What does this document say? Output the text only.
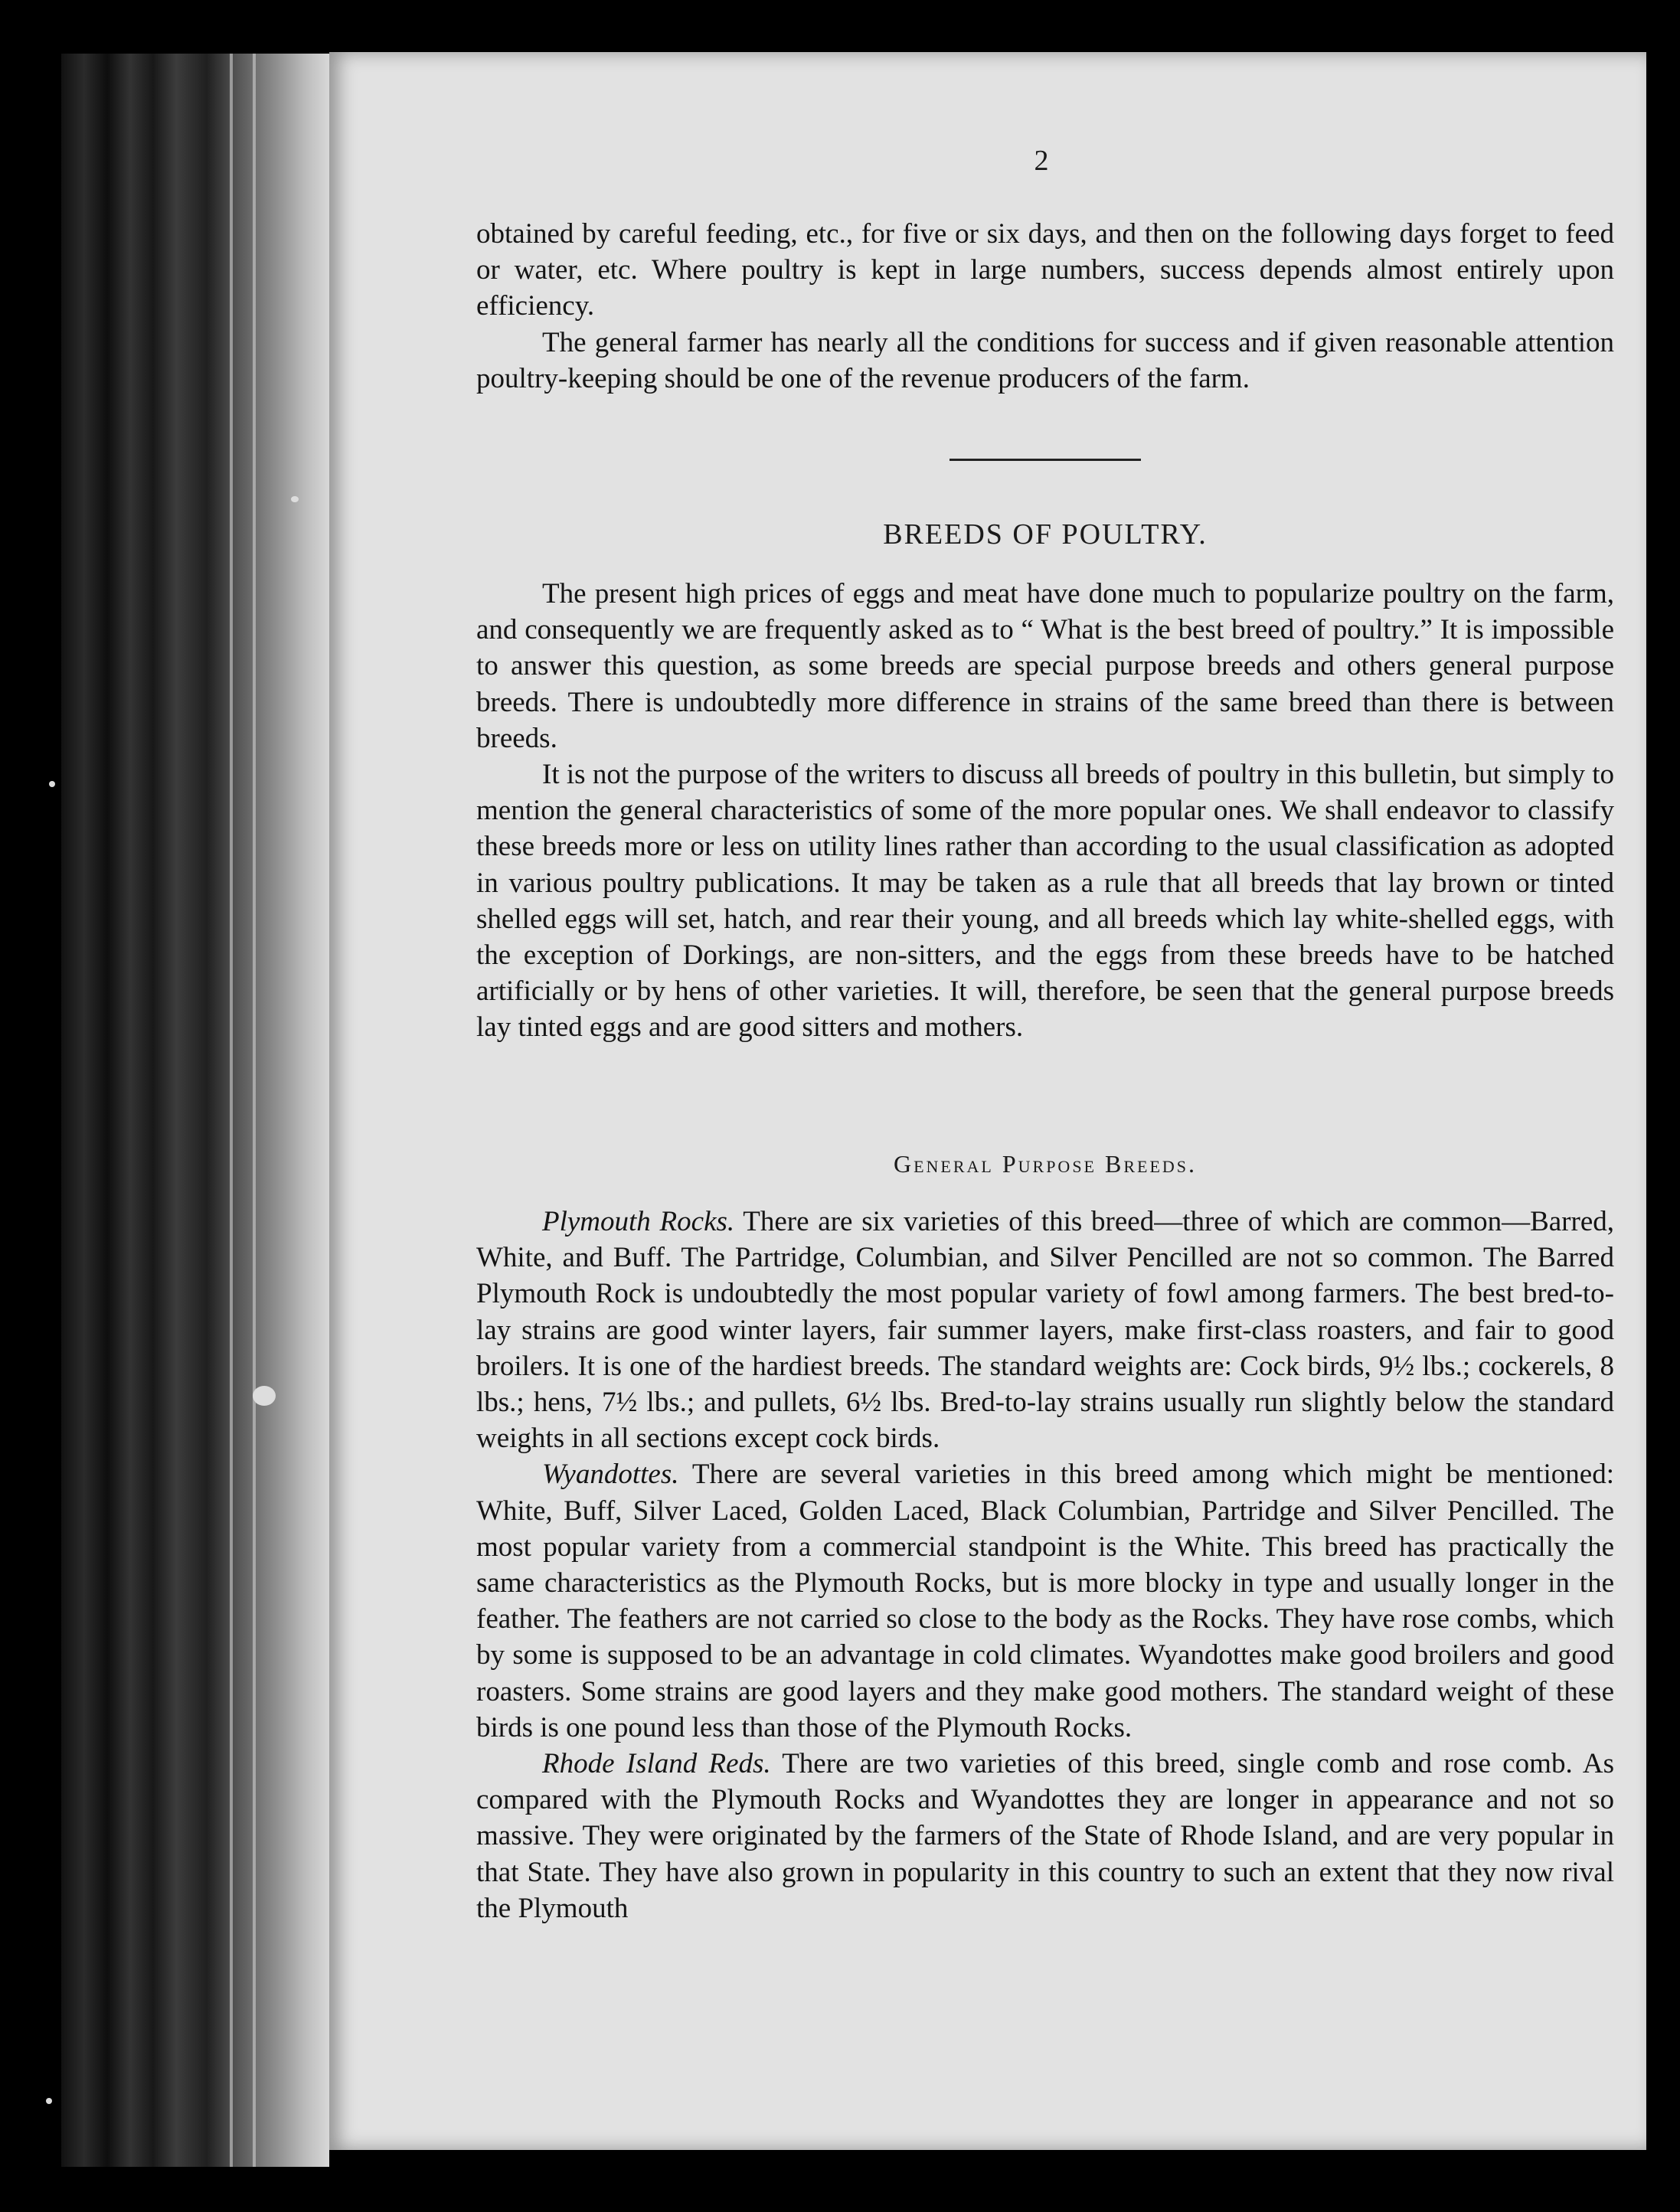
2

obtained by careful feeding, etc., for five or six days, and then on the following days forget to feed or water, etc. Where poultry is kept in large numbers, success depends almost entirely upon efficiency.

The general farmer has nearly all the conditions for success and if given reasonable attention poultry-keeping should be one of the revenue producers of the farm.

BREEDS OF POULTRY.

The present high prices of eggs and meat have done much to popularize poultry on the farm, and consequently we are frequently asked as to “ What is the best breed of poultry.” It is impossible to answer this question, as some breeds are special purpose breeds and others general purpose breeds. There is undoubtedly more difference in strains of the same breed than there is between breeds.

It is not the purpose of the writers to discuss all breeds of poultry in this bulletin, but simply to mention the general characteristics of some of the more popular ones. We shall endeavor to classify these breeds more or less on utility lines rather than according to the usual classification as adopted in various poultry publications. It may be taken as a rule that all breeds that lay brown or tinted shelled eggs will set, hatch, and rear their young, and all breeds which lay white-shelled eggs, with the exception of Dorkings, are non-sitters, and the eggs from these breeds have to be hatched artificially or by hens of other varieties. It will, therefore, be seen that the general purpose breeds lay tinted eggs and are good sitters and mothers.

General Purpose Breeds.

Plymouth Rocks. There are six varieties of this breed—three of which are common—Barred, White, and Buff. The Partridge, Columbian, and Silver Pencilled are not so common. The Barred Plymouth Rock is undoubtedly the most popular variety of fowl among farmers. The best bred-to-lay strains are good winter layers, fair summer layers, make first-class roasters, and fair to good broilers. It is one of the hardiest breeds. The standard weights are: Cock birds, 9½ lbs.; cockerels, 8 lbs.; hens, 7½ lbs.; and pullets, 6½ lbs. Bred-to-lay strains usually run slightly below the standard weights in all sections except cock birds.

Wyandottes. There are several varieties in this breed among which might be mentioned: White, Buff, Silver Laced, Golden Laced, Black Columbian, Partridge and Silver Pencilled. The most popular variety from a commercial standpoint is the White. This breed has practically the same characteristics as the Plymouth Rocks, but is more blocky in type and usually longer in the feather. The feathers are not carried so close to the body as the Rocks. They have rose combs, which by some is supposed to be an advantage in cold climates. Wyandottes make good broilers and good roasters. Some strains are good layers and they make good mothers. The standard weight of these birds is one pound less than those of the Plymouth Rocks.

Rhode Island Reds. There are two varieties of this breed, single comb and rose comb. As compared with the Plymouth Rocks and Wyandottes they are longer in appearance and not so massive. They were originated by the farmers of the State of Rhode Island, and are very popular in that State. They have also grown in popularity in this country to such an extent that they now rival the Plymouth
